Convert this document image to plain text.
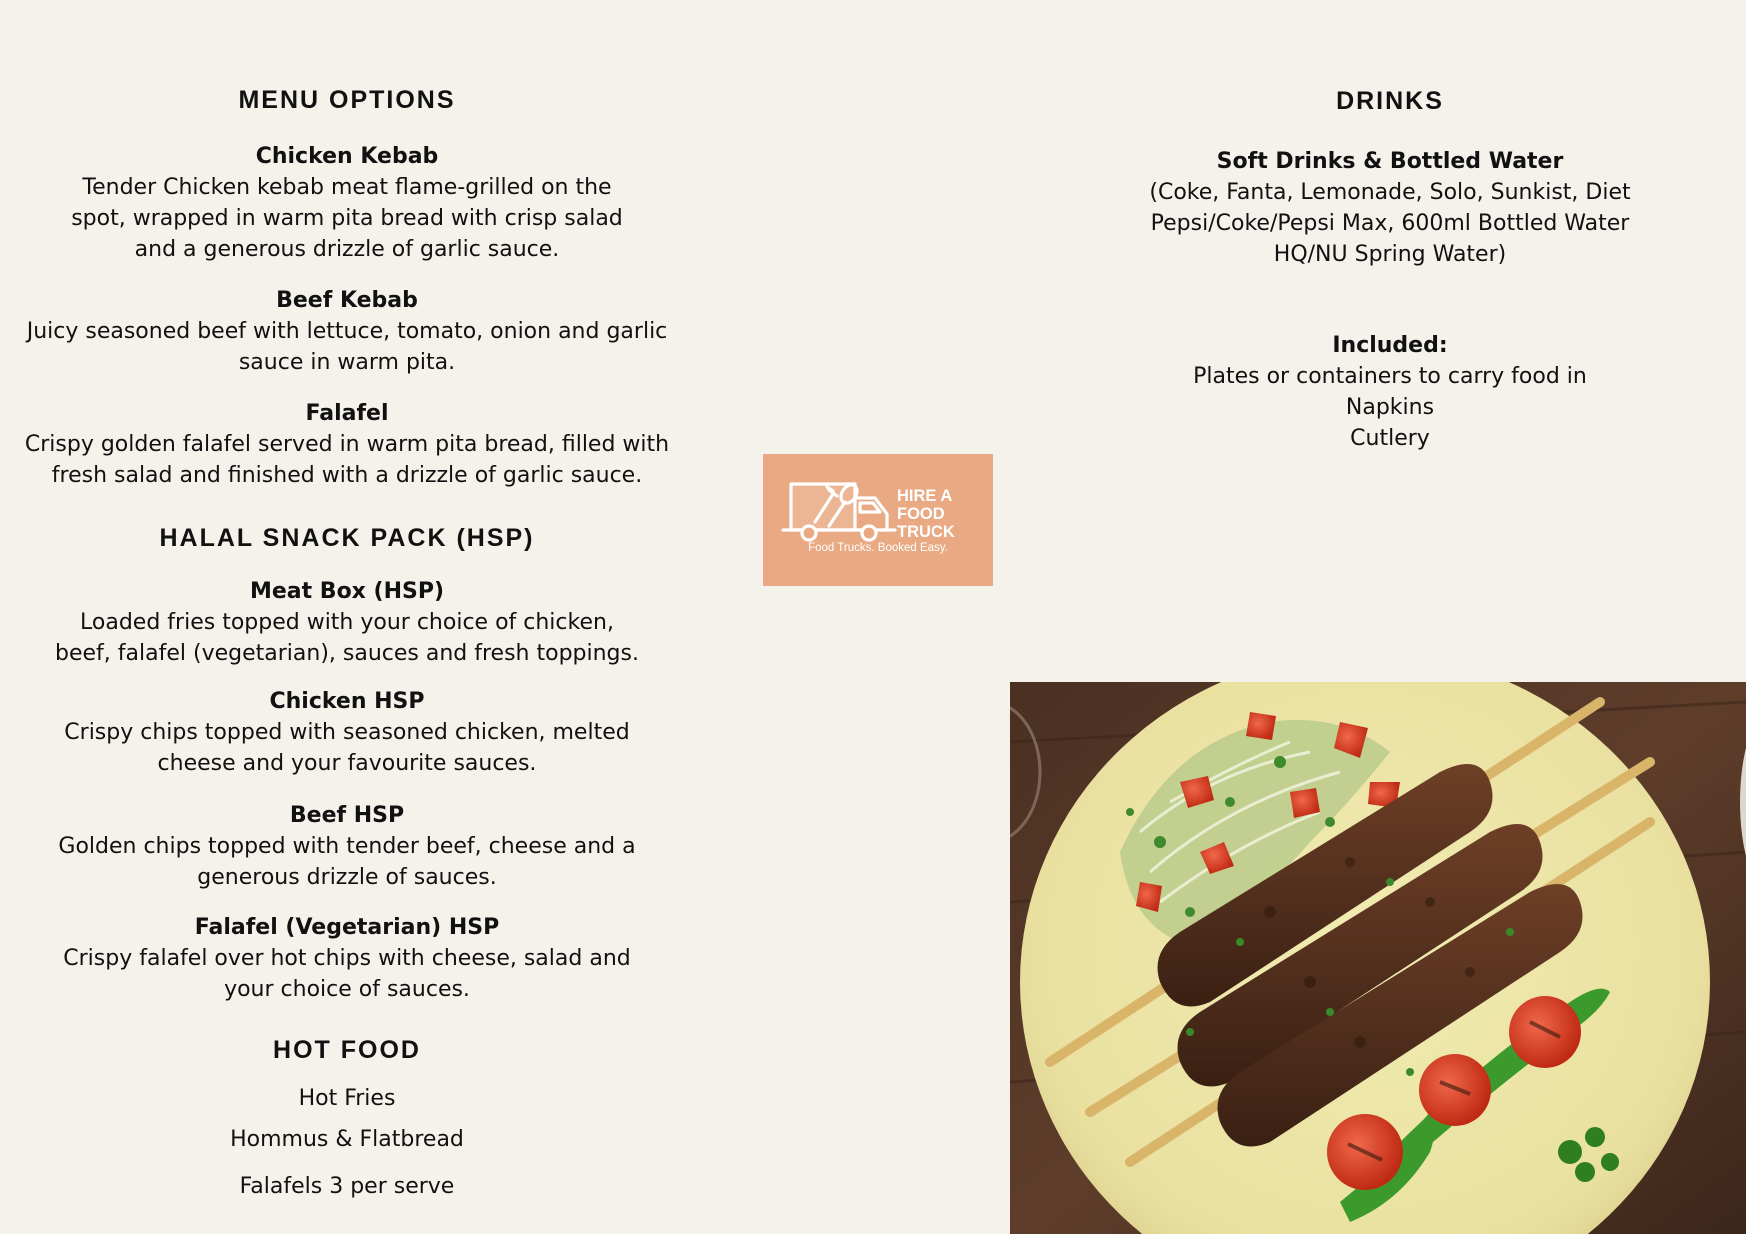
MENU OPTIONS
Chicken Kebab
Tender Chicken kebab meat flame-grilled on the
spot, wrapped in warm pita bread with crisp salad
and a generous drizzle of garlic sauce.
Beef Kebab
Juicy seasoned beef with lettuce, tomato, onion and garlic
sauce in warm pita.
Falafel
Crispy golden falafel served in warm pita bread, filled with
fresh salad and finished with a drizzle of garlic sauce.
HALAL SNACK PACK (HSP)
Meat Box (HSP)
Loaded fries topped with your choice of chicken,
beef, falafel (vegetarian), sauces and fresh toppings.
Chicken HSP
Crispy chips topped with seasoned chicken, melted
cheese and your favourite sauces.
Beef HSP
Golden chips topped with tender beef, cheese and a
generous drizzle of sauces.
Falafel (Vegetarian) HSP
Crispy falafel over hot chips with cheese, salad and
your choice of sauces.
HOT FOOD
Hot Fries
Hommus & Flatbread
Falafels 3 per serve
HIRE A
FOOD
TRUCK
Food Trucks. Booked Easy.
DRINKS
Soft Drinks & Bottled Water
(Coke, Fanta, Lemonade, Solo, Sunkist, Diet
Pepsi/Coke/Pepsi Max, 600ml Bottled Water
HQ/NU Spring Water)
Included:
Plates or containers to carry food in
Napkins
Cutlery
